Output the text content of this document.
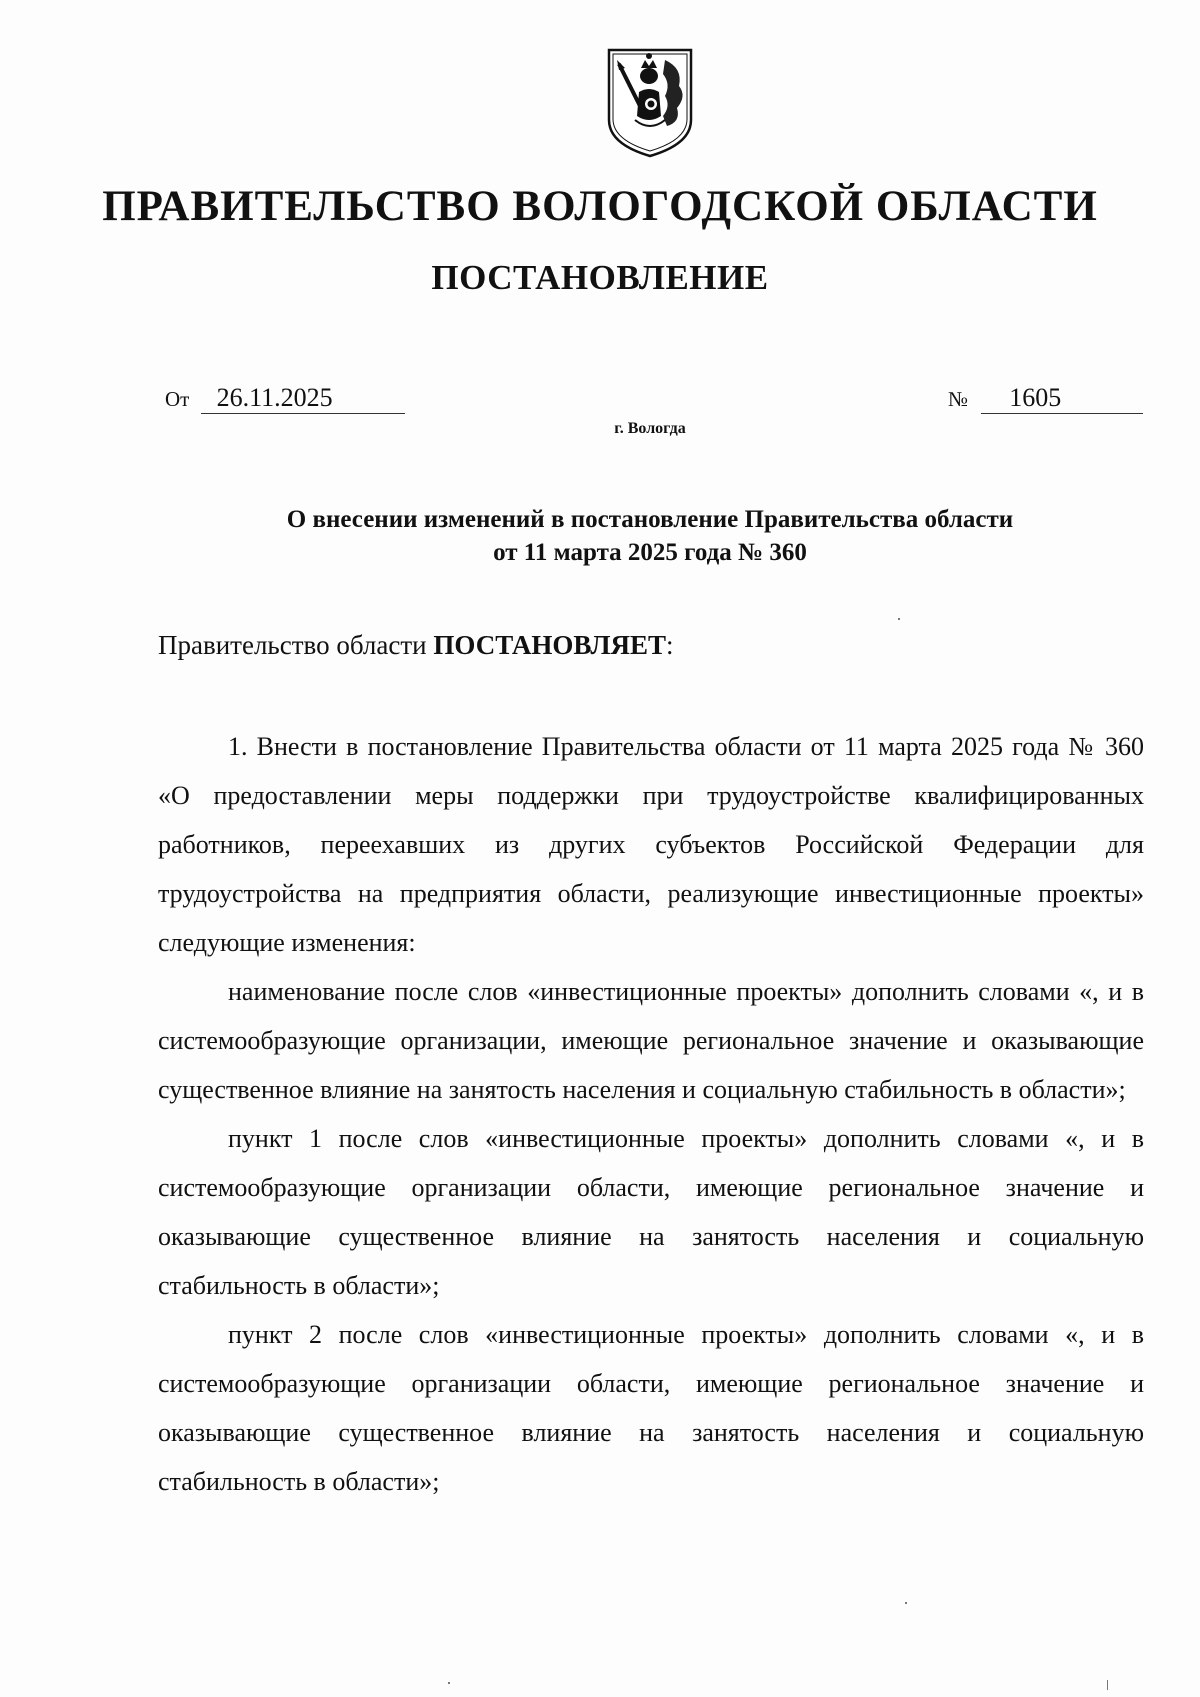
ПРАВИТЕЛЬСТВО ВОЛОГОДСКОЙ ОБЛАСТИ
ПОСТАНОВЛЕНИЕ
От 26.11.2025	№ 1605
г. Вологда
О внесении изменений в постановление Правительства области
от 11 марта 2025 года № 360
Правительство области ПОСТАНОВЛЯЕТ:

1. Внести в постановление Правительства области от 11 марта 2025 года № 360 «О предоставлении меры поддержки при трудоустройстве квалифицированных работников, переехавших из других субъектов Российской Федерации для трудоустройства на предприятия области, реализующие инвестиционные проекты» следующие изменения:

наименование после слов «инвестиционные проекты» дополнить словами «, и в системообразующие организации, имеющие региональное значение и оказывающие существенное влияние на занятость населения и социальную стабильность в области»;

пункт 1 после слов «инвестиционные проекты» дополнить словами «, и в системообразующие организации области, имеющие региональное значение и оказывающие существенное влияние на занятость населения и социальную стабильность в области»;

пункт 2 после слов «инвестиционные проекты» дополнить словами «, и в системообразующие организации области, имеющие региональное значение и оказывающие существенное влияние на занятость населения и социальную стабильность в области»;
